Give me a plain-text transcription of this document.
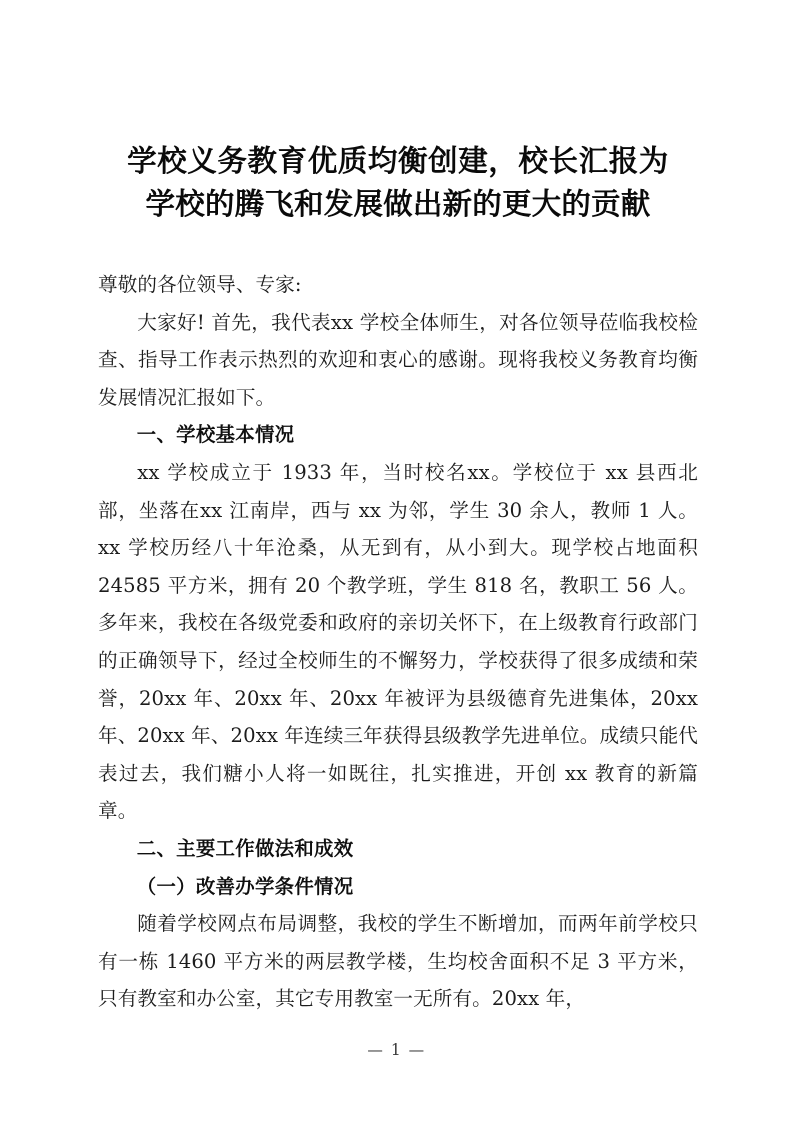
学校义务教育优质均衡创建，校长汇报为
学校的腾飞和发展做出新的更大的贡献

尊敬的各位领导、专家:

大家好! 首先，我代表xx 学校全体师生，对各位领导莅临我校检查、指导工作表示热烈的欢迎和衷心的感谢。现将我校义务教育均衡发展情况汇报如下。

一、学校基本情况

xx 学校成立于 1933 年，当时校名xx。学校位于 xx 县西北部，坐落在xx 江南岸，西与 xx 为邻，学生 30 余人，教师 1 人。xx 学校历经八十年沧桑，从无到有，从小到大。现学校占地面积 24585 平方米，拥有 20 个教学班，学生 818 名，教职工 56 人。多年来，我校在各级党委和政府的亲切关怀下，在上级教育行政部门的正确领导下，经过全校师生的不懈努力，学校获得了很多成绩和荣誉，20xx 年、20xx 年、20xx 年被评为县级德育先进集体，20xx 年、20xx 年、20xx 年连续三年获得县级教学先进单位。成绩只能代表过去，我们糖小人将一如既往，扎实推进，开创 xx 教育的新篇章。

二、主要工作做法和成效
（一）改善办学条件情况

随着学校网点布局调整，我校的学生不断增加，而两年前学校只有一栋 1460 平方米的两层教学楼，生均校舍面积不足 3 平方米，只有教室和办公室，其它专用教室一无所有。20xx 年，

— 1 —
